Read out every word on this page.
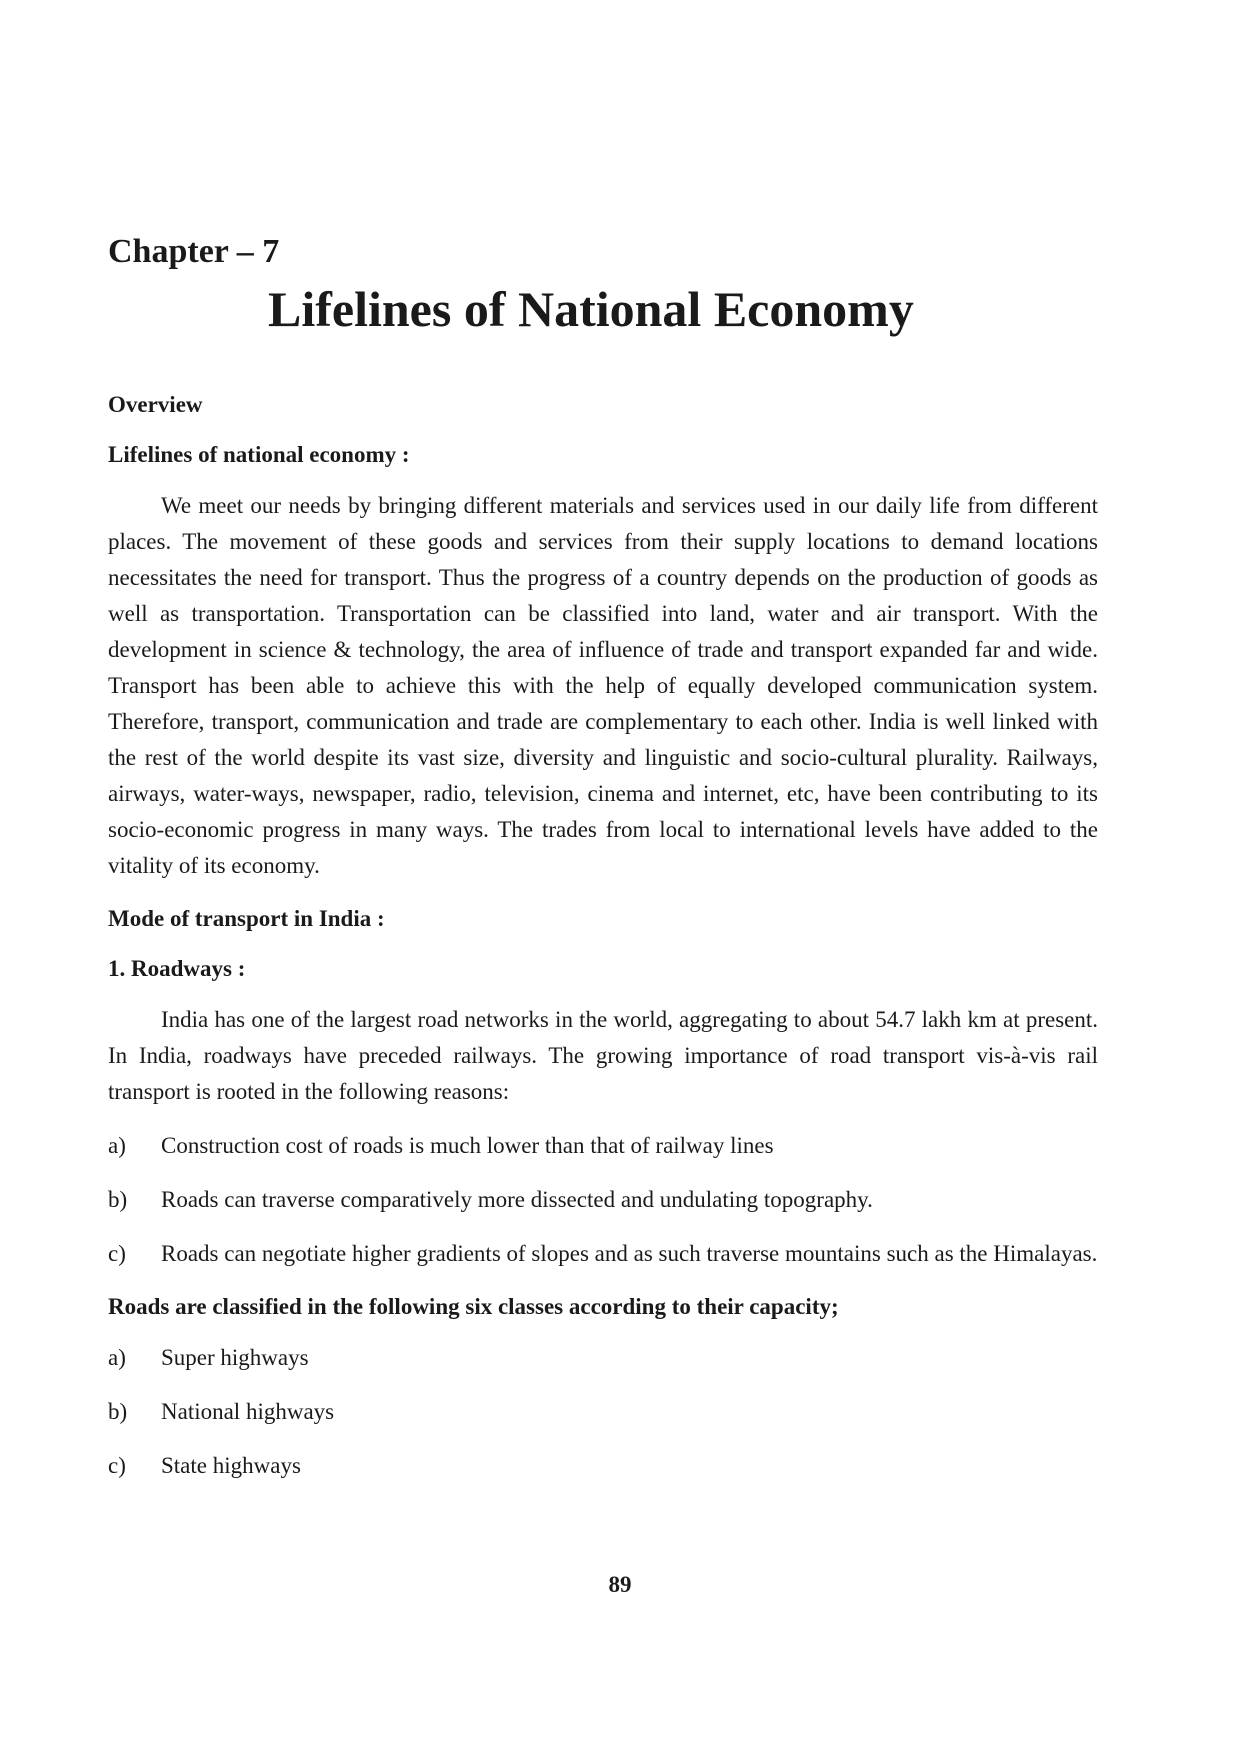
Chapter – 7

Lifelines of National Economy
Overview
Lifelines of national economy :

We meet our needs by bringing different materials and services used in our daily life from different places. The movement of these goods and services from their supply locations to demand locations necessitates the need for transport. Thus the progress of a country depends on the production of goods as well as transportation. Transportation can be classified into land, water and air transport. With the development in science & technology, the area of influence of trade and transport expanded far and wide. Transport has been able to achieve this with the help of equally developed communication system. Therefore, transport, communication and trade are complementary to each other. India is well linked with the rest of the world despite its vast size, diversity and linguistic and socio-cultural plurality. Railways, airways, water-ways, newspaper, radio, television, cinema and internet, etc, have been contributing to its socio-economic progress in many ways. The trades from local to international levels have added to the vitality of its economy.

Mode of transport in India :
1. Roadways :

India has one of the largest road networks in the world, aggregating to about 54.7 lakh km at present. In India, roadways have preceded railways. The growing importance of road transport vis-à-vis rail transport is rooted in the following reasons:

a)	Construction cost of roads is much lower than that of railway lines
b)	Roads can traverse comparatively more dissected and undulating topography.
c) Roads can negotiate higher gradients of slopes and as such traverse mountains such as the Himalayas.
Roads are classified in the following six classes according to their capacity;
a)	Super highways
b)	National highways
c)	State highways

89
